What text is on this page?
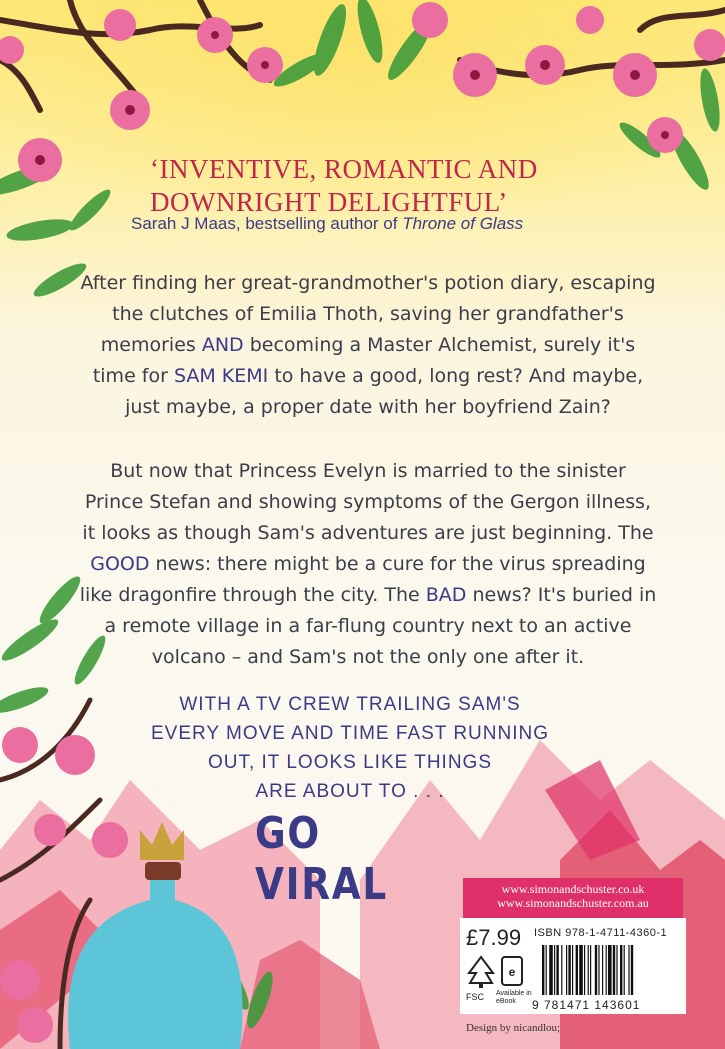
‘INVENTIVE, ROMANTIC AND
DOWNRIGHT DELIGHTFUL’
Sarah J Maas, bestselling author of Throne of Glass
After finding her great-grandmother's potion diary, escaping the clutches of Emilia Thoth, saving her grandfather's memories AND becoming a Master Alchemist, surely it's time for SAM KEMI to have a good, long rest? And maybe, just maybe, a proper date with her boyfriend Zain?
But now that Princess Evelyn is married to the sinister Prince Stefan and showing symptoms of the Gergon illness, it looks as though Sam's adventures are just beginning. The GOOD news: there might be a cure for the virus spreading like dragonfire through the city. The BAD news? It's buried in a remote village in a far-flung country next to an active volcano – and Sam's not the only one after it.
WITH A TV CREW TRAILING SAM'S
EVERY MOVE AND TIME FAST RUNNING
OUT, IT LOOKS LIKE THINGS
ARE ABOUT TO . . .
GO VIRAL	www.simonandschuster.co.uk
www.simonandschuster.com.au
£7.99 ISBN 978-1-4711-4360-1
FSC
e
Available in eBook	9 781471 143601
Design by nicandlou;
